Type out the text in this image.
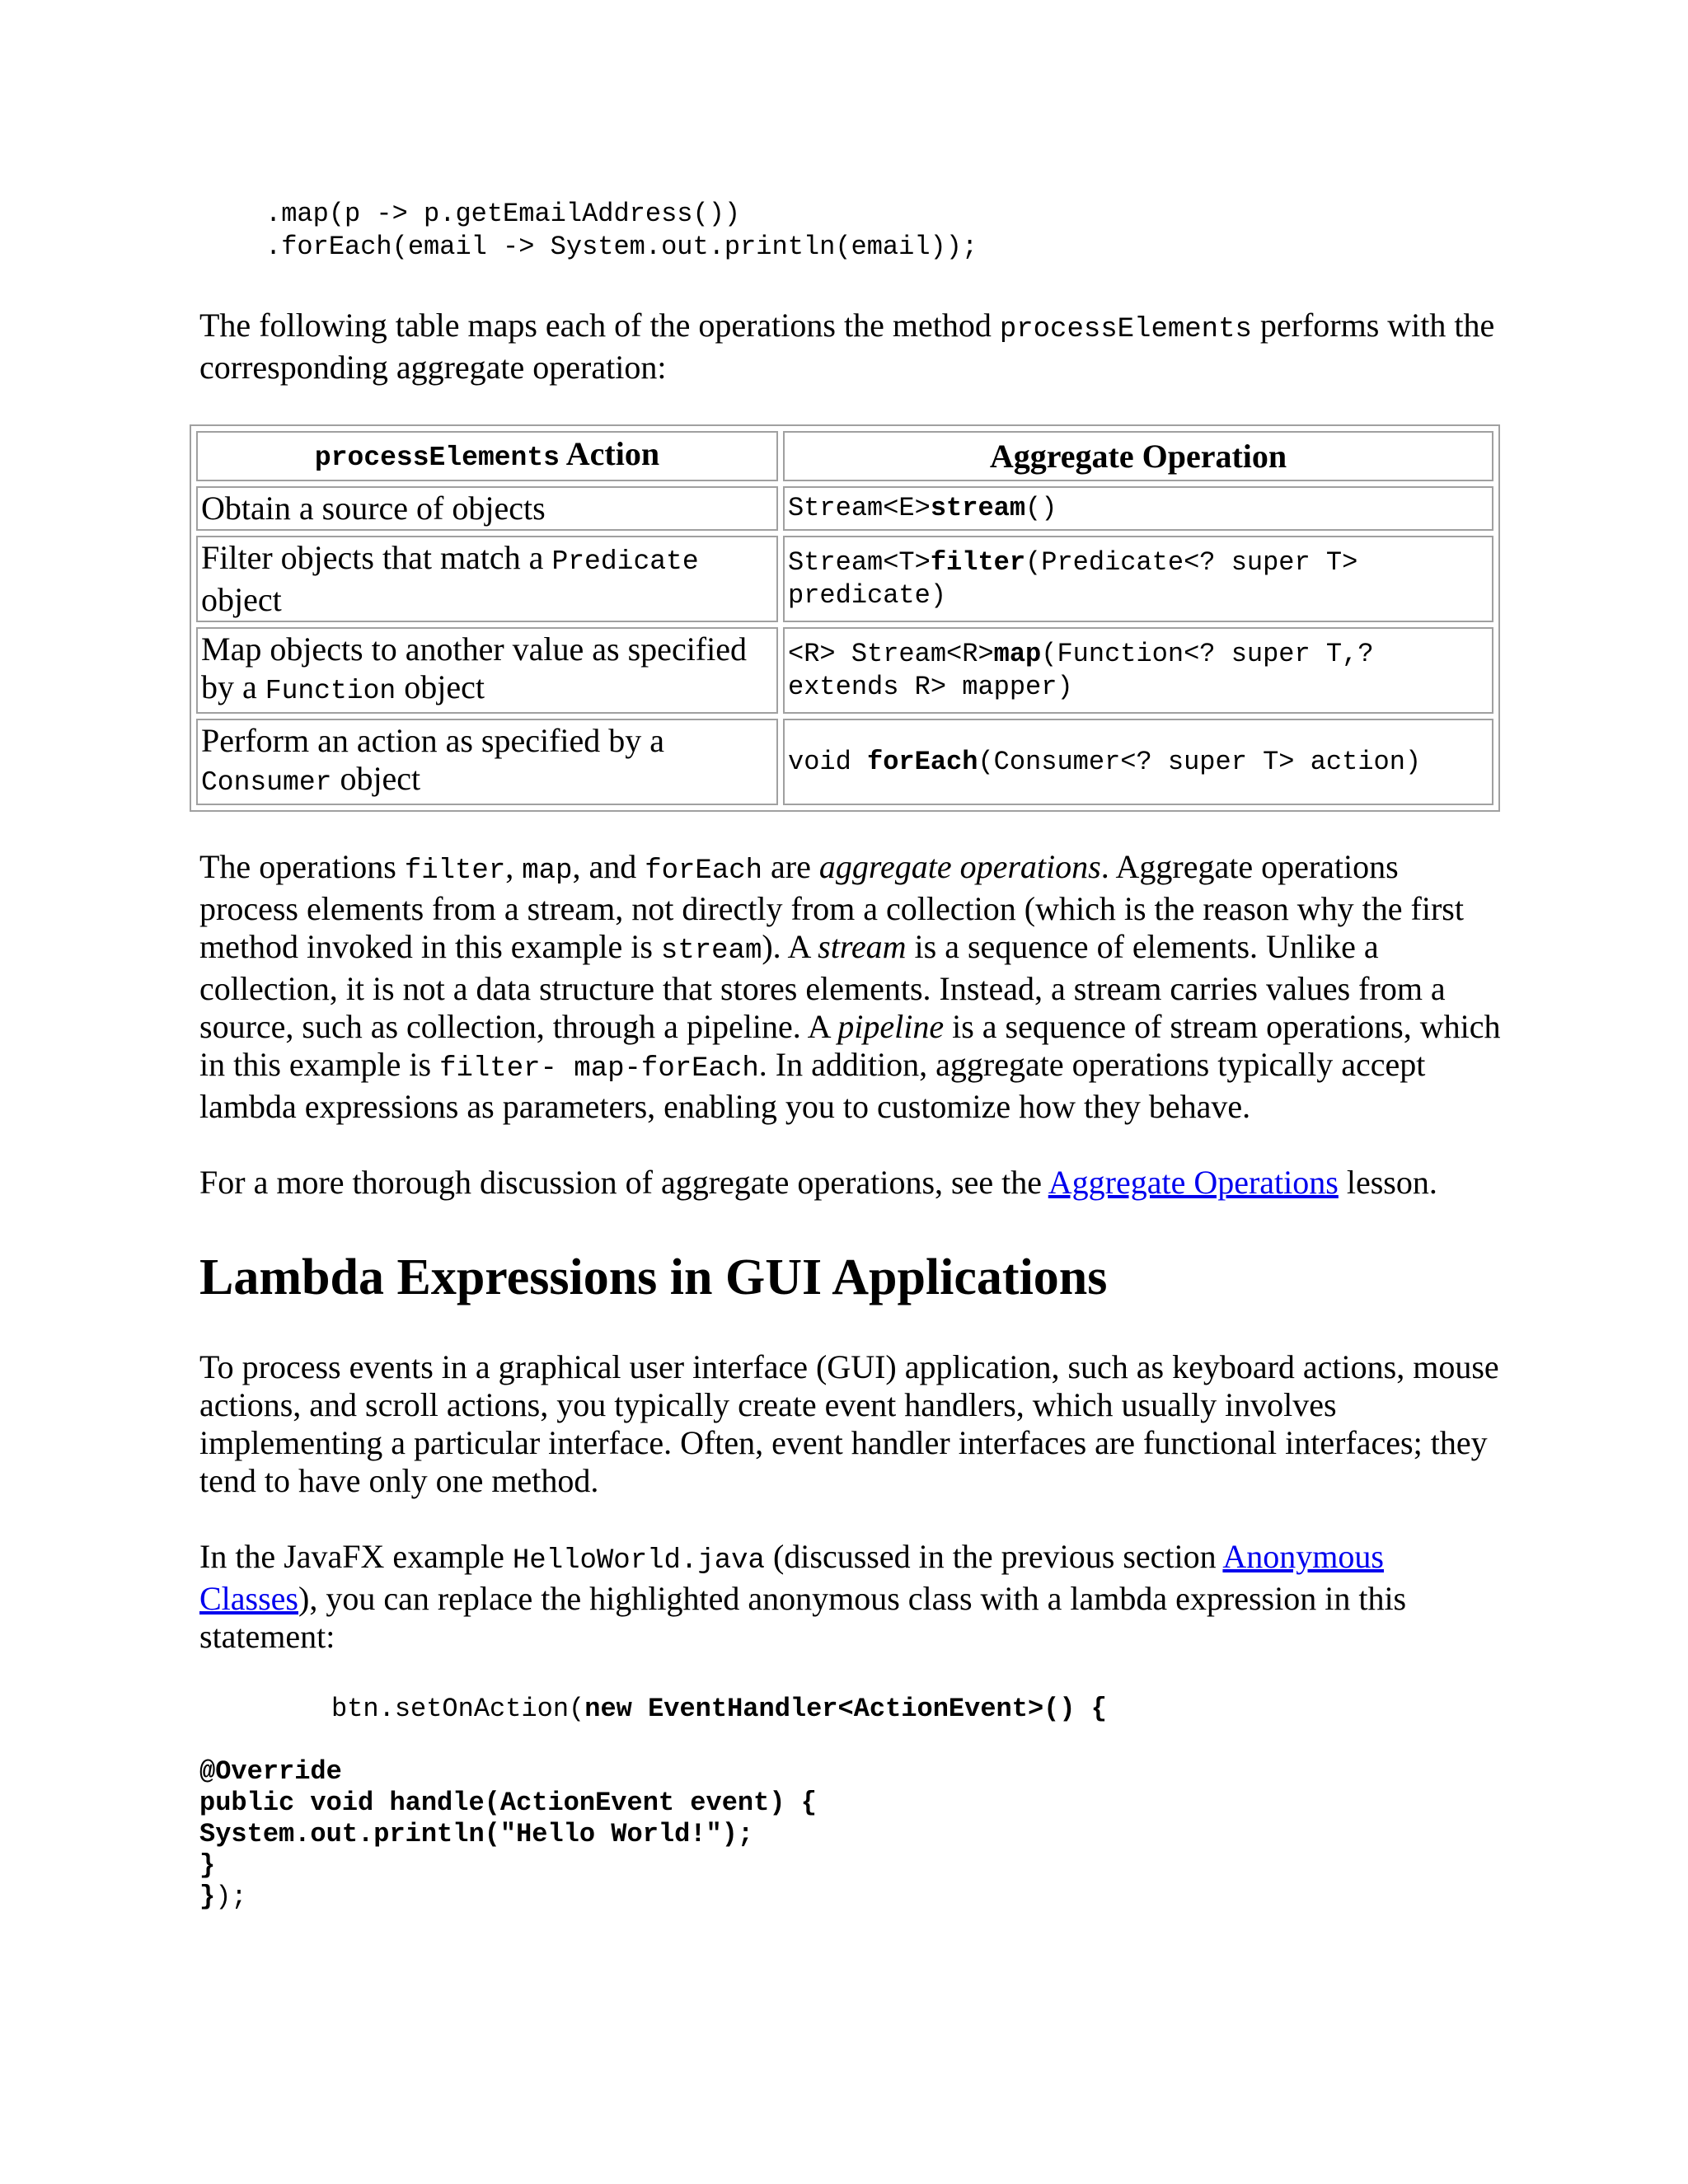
.map(p -> p.getEmailAddress())
.forEach(email -> System.out.println(email));

The following table maps each of the operations the method processElements performs with the corresponding aggregate operation:

processElements Action	Aggregate Operation
Obtain a source of objects	Stream<E>stream()
Filter objects that match a Predicate object	Stream<T>filter(Predicate<? super T> predicate)
Map objects to another value as specified by a Function object	<R> Stream<R>map(Function<? super T,? extends R> mapper)
Perform an action as specified by a Consumer object	void forEach(Consumer<? super T> action)

The operations filter, map, and forEach are aggregate operations. Aggregate operations process elements from a stream, not directly from a collection (which is the reason why the first method invoked in this example is stream). A stream is a sequence of elements. Unlike a collection, it is not a data structure that stores elements. Instead, a stream carries values from a source, such as collection, through a pipeline. A pipeline is a sequence of stream operations, which in this example is filter- map-forEach. In addition, aggregate operations typically accept lambda expressions as parameters, enabling you to customize how they behave.

For a more thorough discussion of aggregate operations, see the Aggregate Operations lesson.

Lambda Expressions in GUI Applications

To process events in a graphical user interface (GUI) application, such as keyboard actions, mouse actions, and scroll actions, you typically create event handlers, which usually involves implementing a particular interface. Often, event handler interfaces are functional interfaces; they tend to have only one method.

In the JavaFX example HelloWorld.java (discussed in the previous section Anonymous Classes), you can replace the highlighted anonymous class with a lambda expression in this statement:

btn.setOnAction(new EventHandler<ActionEvent>() {
@Override
public void handle(ActionEvent event) {
System.out.println("Hello World!");
}
});
